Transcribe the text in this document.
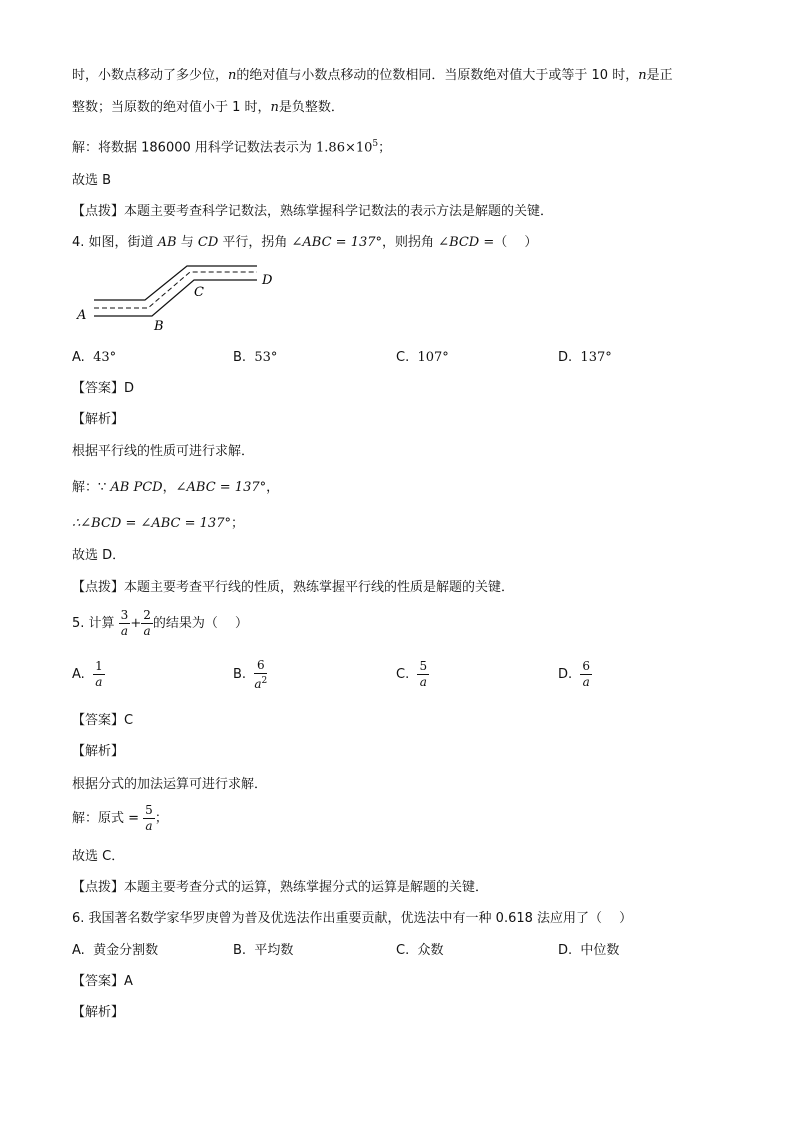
时，小数点移动了多少位，n的绝对值与小数点移动的位数相同．当原数绝对值大于或等于 10 时，n是正
整数；当原数的绝对值小于 1 时，n是负整数．
解：将数据 186000 用科学记数法表示为 $1.86\times 10^5$；
故选 B
【点拨】本题主要考查科学记数法，熟练掌握科学记数法的表示方法是解题的关键．
4. 如图，街道 AB 与 CD 平行，拐角 ∠ABC = 137°，则拐角 ∠BCD =（　 ）
A
B
C
D
A. 43°	B. 53°	C. 107°	D. 137°
【答案】D
【解析】
根据平行线的性质可进行求解．
解：∵ AB PCD，∠ABC = 137°，
∴∠BCD = ∠ABC = 137°；
故选 D．
【点拨】本题主要考查平行线的性质，熟练掌握平行线的性质是解题的关键．
5. 计算 $\frac{3}{a} + \frac{2}{a}$ 的结果为（　 ）
A. $\frac{1}{a}$	B. $\frac{6}{a^2}$	C. $\frac{5}{a}$	D. $\frac{6}{a}$
【答案】C
【解析】
根据分式的加法运算可进行求解．
解：原式 = $\frac{5}{a}$ ；
故选 C．
【点拨】本题主要考查分式的运算，熟练掌握分式的运算是解题的关键．
6. 我国著名数学家华罗庚曾为普及优选法作出重要贡献，优选法中有一种 0.618 法应用了（　 ）
A. 黄金分割数	B. 平均数	C. 众数	D. 中位数
【答案】A
【解析】
